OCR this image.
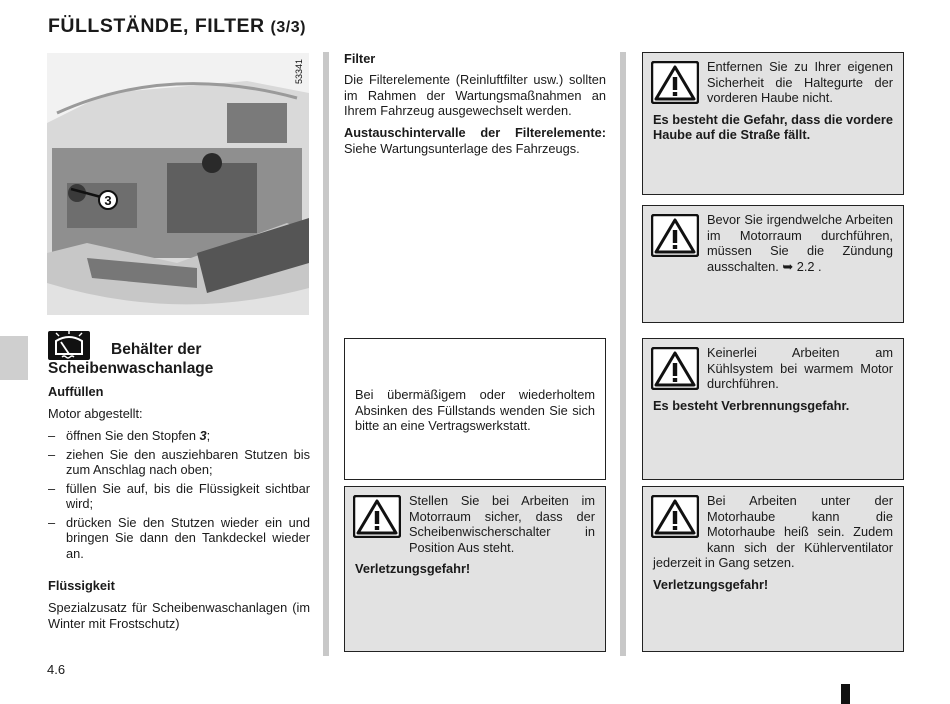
FÜLLSTÄNDE, FILTER (3/3)
3
53341
Behälter der
Scheibenwaschanlage
Auffüllen
Motor abgestellt:
– öffnen Sie den Stopfen 3;
– ziehen Sie den ausziehbaren Stutzen bis zum Anschlag nach oben;
– füllen Sie auf, bis die Flüssigkeit sichtbar wird;
– drücken Sie den Stutzen wieder ein und bringen Sie dann den Tankdeckel wieder an.
Flüssigkeit
Spezialzusatz für Scheibenwaschanlagen (im Winter mit Frostschutz)
Filter
Die Filterelemente (Reinluftfilter usw.) sollten im Rahmen der Wartungsmaßnahmen an Ihrem Fahrzeug ausgewechselt werden.
Austauschintervalle der Filterelemente: Siehe Wartungsunterlage des Fahrzeugs.
Bei übermäßigem oder wiederholtem Absinken des Füllstands wenden Sie sich bitte an eine Vertragswerkstatt.
Stellen Sie bei Arbeiten im Motorraum sicher, dass der Scheibenwischerschalter in Position Aus steht.
Verletzungsgefahr!
Entfernen Sie zu Ihrer eigenen Sicherheit die Haltegurte der vorderen Haube nicht.
Es besteht die Gefahr, dass die vordere Haube auf die Straße fällt.
Bevor Sie irgendwelche Arbeiten im Motorraum durchführen, müssen Sie die Zündung ausschalten. ➥ 2.2 .
Keinerlei Arbeiten am Kühlsystem bei warmem Motor durchführen.
Es besteht Verbrennungsgefahr.
Bei Arbeiten unter der Motorhaube kann die Motorhaube heiß sein. Zudem kann sich der Kühlerventilator jederzeit in Gang setzen.
Verletzungsgefahr!
4.6
